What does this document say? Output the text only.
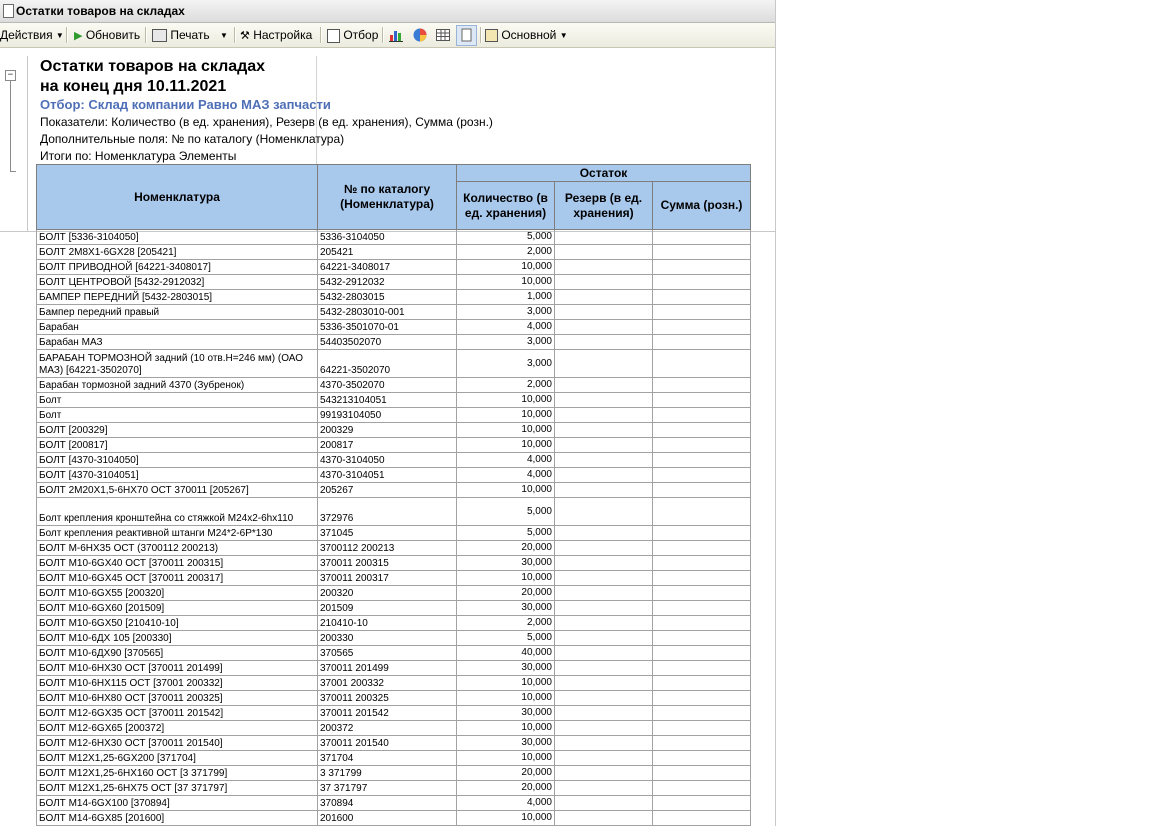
Остатки товаров на складах
Действия ▼ ▶ Обновить	Печать ▼ ⚒ Настройка	Отбор	Основной ▼
− Остатки товаров на складах
на конец дня 10.11.2021
Отбор: Склад компании Равно МАЗ запчасти
Показатели: Количество (в ед. хранения), Резерв (в ед. хранения), Сумма (розн.)
Дополнительные поля: № по каталогу (Номенклатура)
Итоги по: Номенклатура Элементы
Номенклатура	№ по каталогу (Номенклатура)	Остаток		
		Количество (в ед. хранения)	Резерв (в ед. хранения)	Сумма (розн.)
БОЛТ [5336-3104050]	5336-3104050	5,000		
БОЛТ 2М8Х1-6GX28 [205421]	205421	2,000		
БОЛТ ПРИВОДНОЙ [64221-3408017]	64221-3408017	10,000		
БОЛТ ЦЕНТРОВОЙ [5432-2912032]	5432-2912032	10,000		
БАМПЕР ПЕРЕДНИЙ [5432-2803015]	5432-2803015	1,000		
Бампер передний правый	5432-2803010-001	3,000		
Барабан	5336-3501070-01	4,000		
Барабан МАЗ	54403502070	3,000		
БАРАБАН ТОРМОЗНОЙ задний (10 отв.Н=246 мм) (ОАО МАЗ) [64221-3502070]	64221-3502070	3,000		
Барабан тормозной задний 4370 (Зубренок)	4370-3502070	2,000		
Болт	543213104051	10,000		
Болт	99193104050	10,000		
БОЛТ [200329]	200329	10,000		
БОЛТ [200817]	200817	10,000		
БОЛТ [4370-3104050]	4370-3104050	4,000		
БОЛТ [4370-3104051]	4370-3104051	4,000		
БОЛТ 2М20Х1,5-6НХ70 ОСТ 370011 [205267]	205267	10,000		
Болт крепления кронштейна со стяжкой М24х2-6hх110	372976	5,000		
Болт крепления реактивной штанги М24*2-6Р*130	371045	5,000		
БОЛТ М-6НХ35 ОСТ (3700112 200213)	3700112 200213	20,000		
БОЛТ М10-6GX40 ОСТ [370011 200315]	370011 200315	30,000		
БОЛТ М10-6GX45 ОСТ [370011 200317]	370011 200317	10,000		
БОЛТ М10-6GX55 [200320]	200320	20,000		
БОЛТ М10-6GX60 [201509]	201509	30,000		
БОЛТ М10-6GX50 [210410-10]	210410-10	2,000		
БОЛТ М10-6ДХ 105 [200330]	200330	5,000		
БОЛТ М10-6ДХ90 [370565]	370565	40,000		
БОЛТ М10-6НХ30 ОСТ [370011 201499]	370011 201499	30,000		
БОЛТ М10-6НХ115 ОСТ [37001 200332]	37001 200332	10,000		
БОЛТ М10-6НХ80 ОСТ [370011 200325]	370011 200325	10,000		
БОЛТ М12-6GX35 ОСТ [370011 201542]	370011 201542	30,000		
БОЛТ М12-6GX65 [200372]	200372	10,000		
БОЛТ М12-6НХ30 ОСТ [370011 201540]	370011 201540	30,000		
БОЛТ М12Х1,25-6GX200 [371704]	371704	10,000		
БОЛТ М12Х1,25-6НХ160 ОСТ [3 371799]	3 371799	20,000		
БОЛТ М12Х1,25-6НХ75 ОСТ [37 371797]	37 371797	20,000		
БОЛТ М14-6GX100 [370894]	370894	4,000		
БОЛТ М14-6GX85 [201600]	201600	10,000		
